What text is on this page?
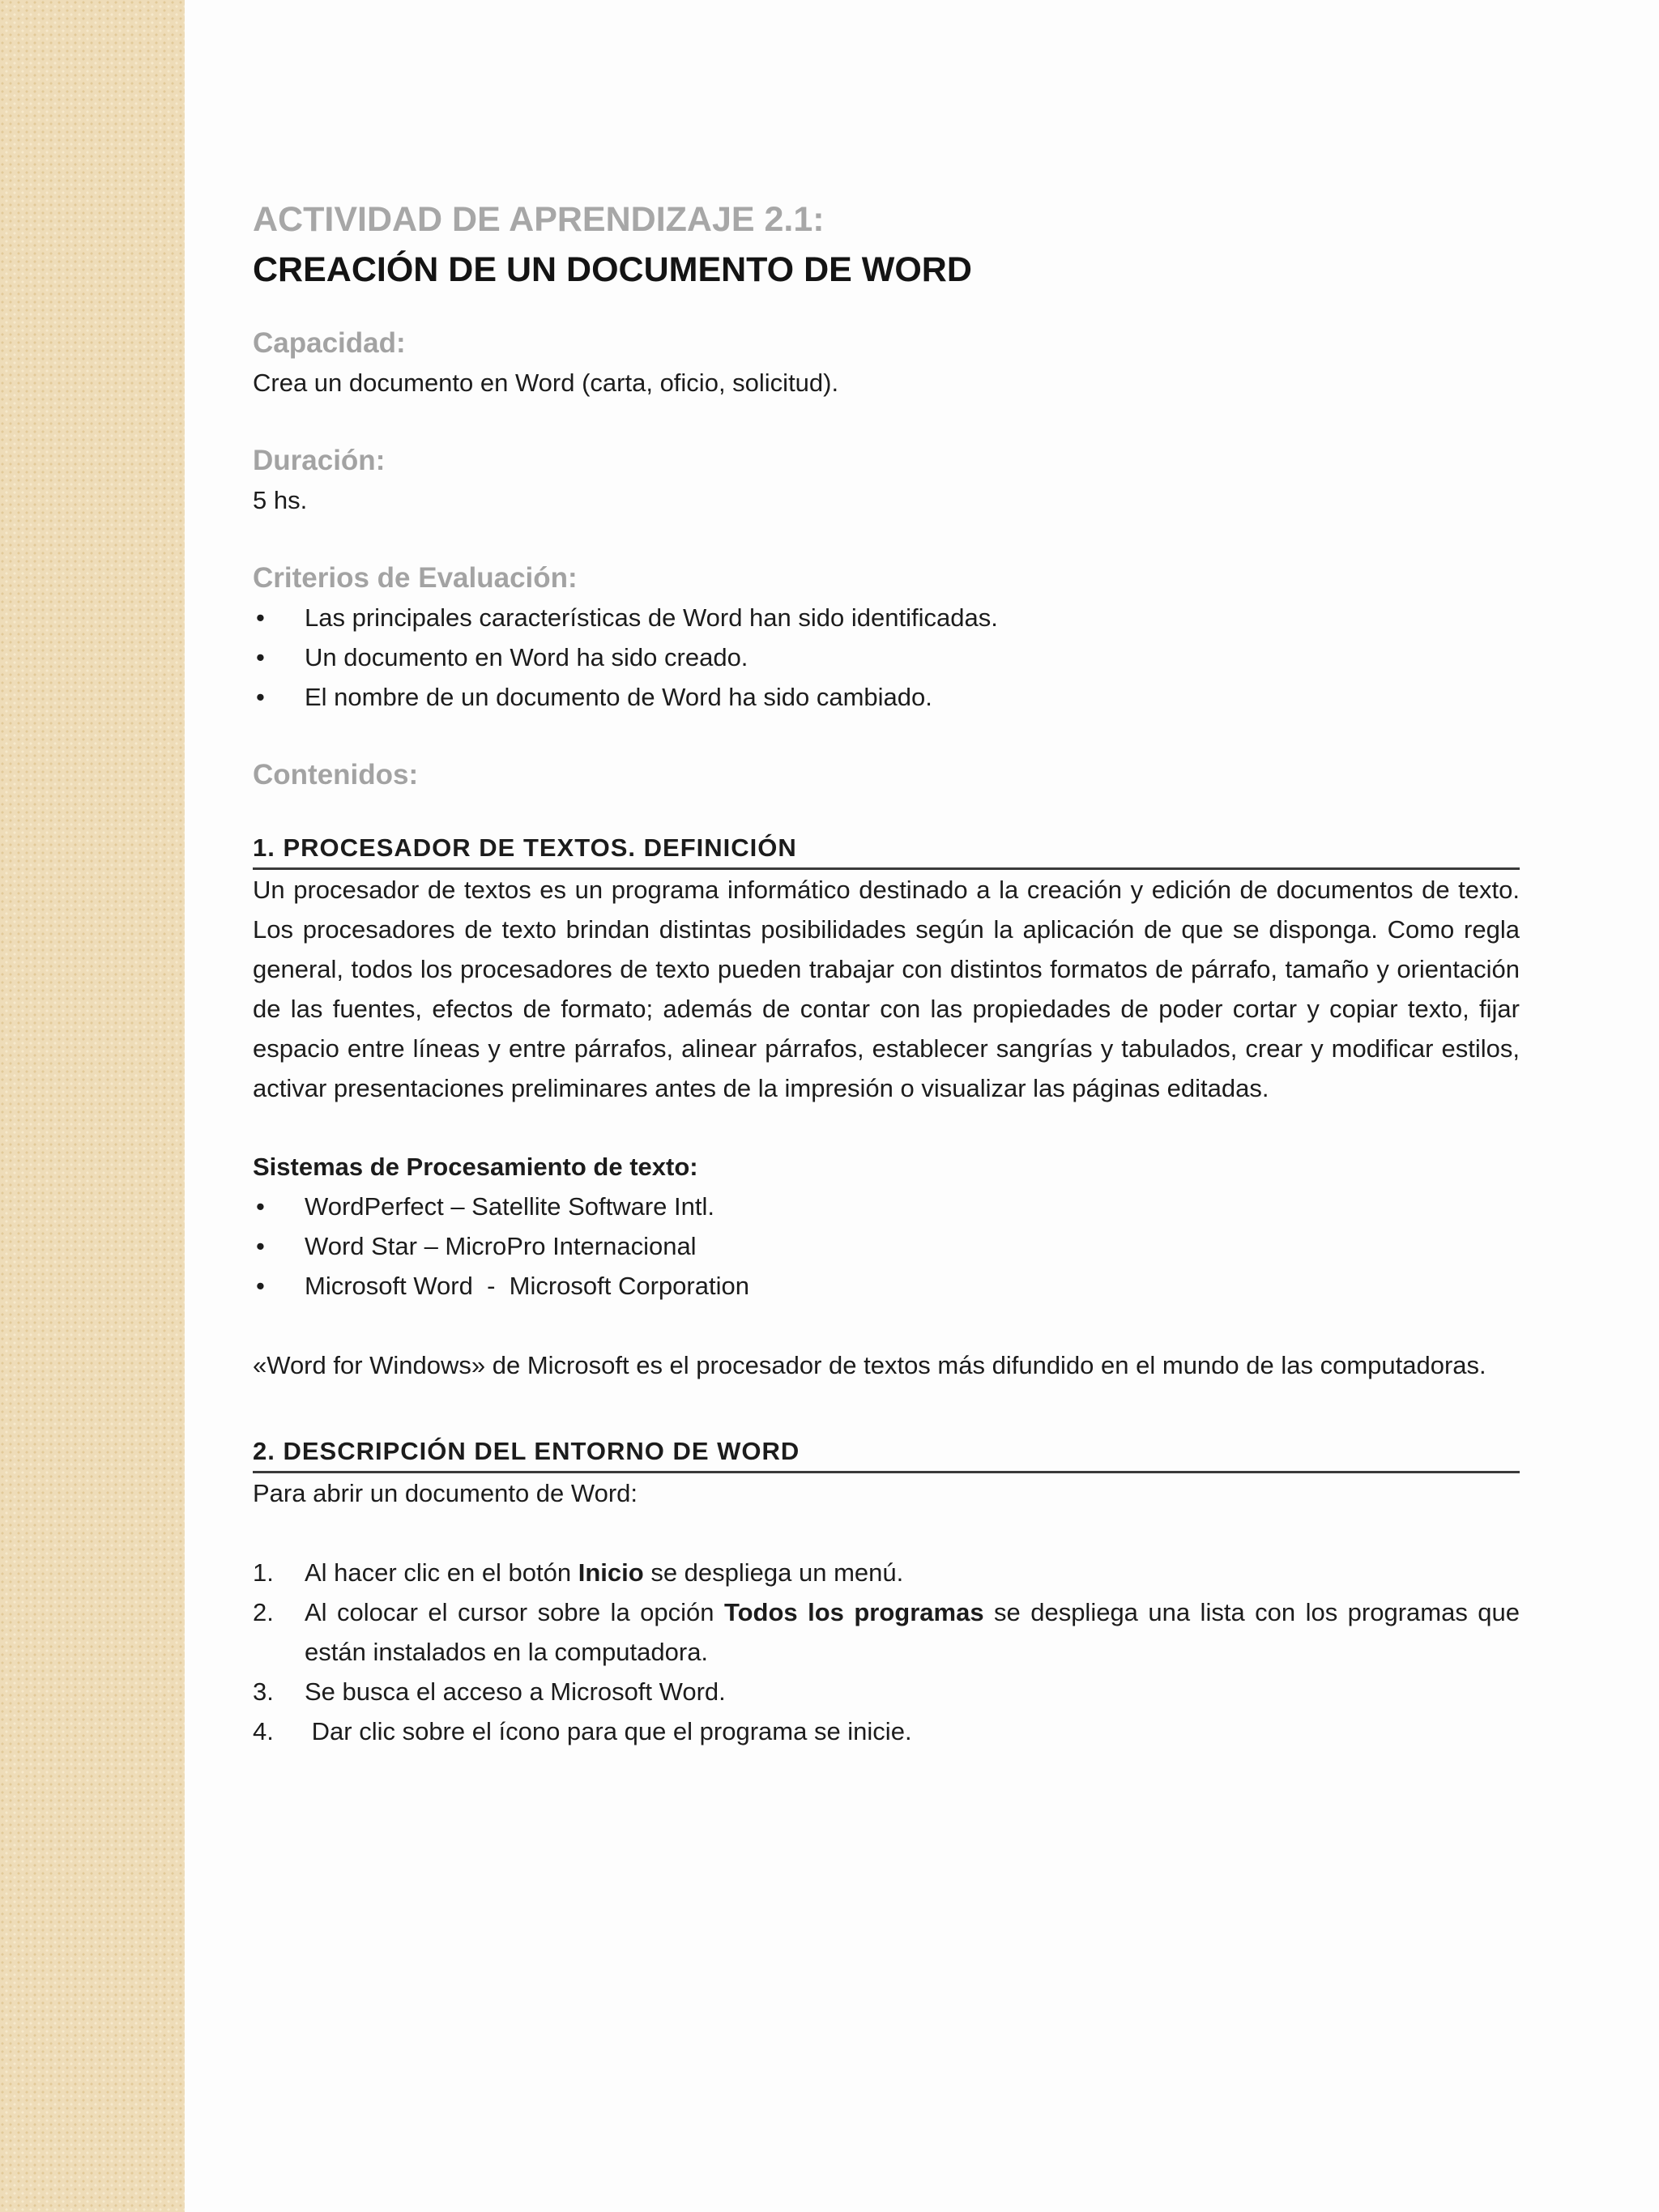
ACTIVIDAD DE APRENDIZAJE 2.1:
CREACIÓN DE UN DOCUMENTO DE WORD

Capacidad:

Crea un documento en Word (carta, oficio, solicitud).

Duración:

5 hs.

Criterios de Evaluación:

• Las principales características de Word han sido identificadas.
• Un documento en Word ha sido creado.
• El nombre de un documento de Word ha sido cambiado.

Contenidos:

1. PROCESADOR DE TEXTOS. DEFINICIÓN

Un procesador de textos es un programa informático destinado a la creación y edición de documentos de texto. Los procesadores de texto brindan distintas posibilidades según la aplicación de que se disponga. Como regla general, todos los procesadores de texto pueden trabajar con distintos formatos de párrafo, tamaño y orientación de las fuentes, efectos de formato; además de contar con las propiedades de poder cortar y copiar texto, fijar espacio entre líneas y entre párrafos, alinear párrafos, establecer sangrías y tabulados, crear y modificar estilos, activar presentaciones preliminares antes de la impresión o visualizar las páginas editadas.

Sistemas de Procesamiento de texto:

• WordPerfect – Satellite Software Intl.
• Word Star – MicroPro Internacional
• Microsoft Word  -  Microsoft Corporation

«Word for Windows» de Microsoft es el procesador de textos más difundido en el mundo de las computadoras.

2. DESCRIPCIÓN DEL ENTORNO DE WORD

Para abrir un documento de Word:

1. Al hacer clic en el botón Inicio se despliega un menú.
2. Al colocar el cursor sobre la opción Todos los programas se despliega una lista con los programas que están instalados en la computadora.
3. Se busca el acceso a Microsoft Word.
4. Dar clic sobre el ícono para que el programa se inicie.
